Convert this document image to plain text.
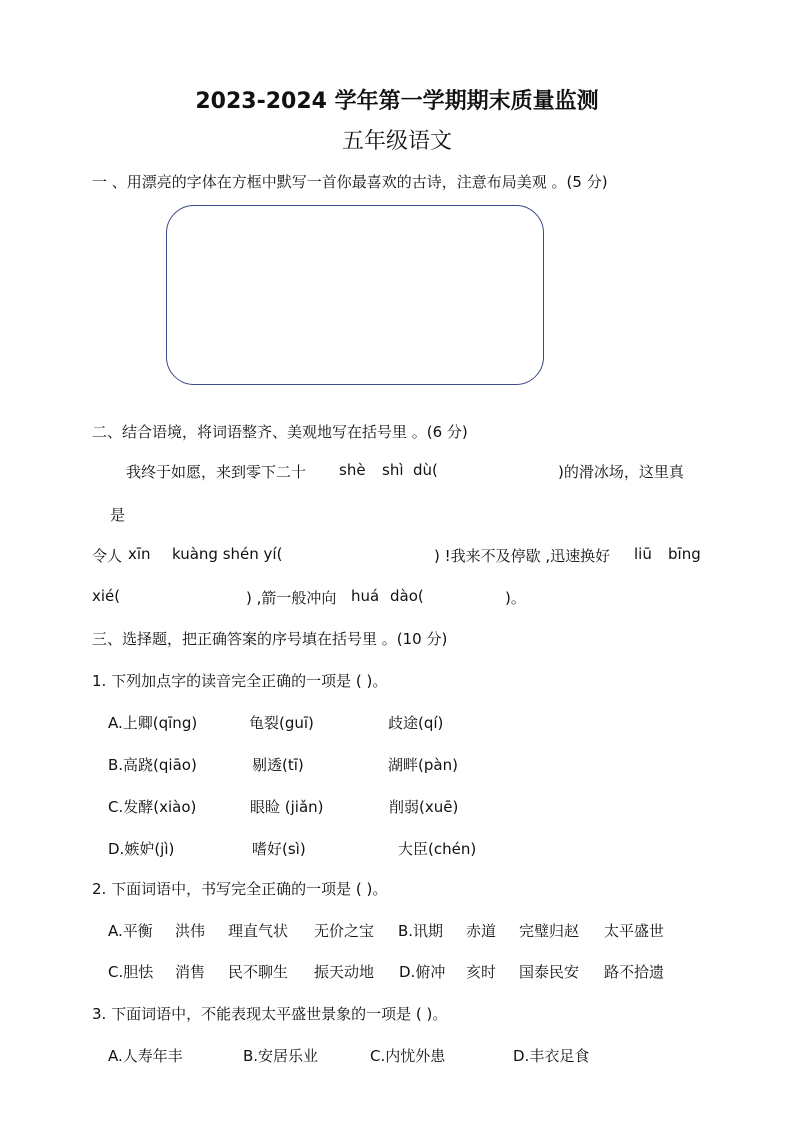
2023-2024 学年第一学期期末质量监测
五年级语文
一 、用漂亮的字体在方框中默写一首你最喜欢的古诗，注意布局美观 。(5 分)
二、结合语境，将词语整齐、美观地写在括号里 。(6 分)
我终于如愿，来到零下二十 shè shì dù(	)的滑冰场，这里真
是
令人 xīn kuàng shén yí(	) !我来不及停歇 ,迅速换好 liū bīng
xié(	) ,箭一般冲向 huá dào(	)。
三、选择题，把正确答案的序号填在括号里 。(10 分)
1. 下列加点字的读音完全正确的一项是 ( )。
A.上卿(qīng)	龟裂(guī)	歧途(qí)
B.高跷(qiāo)	剔透(tī)	湖畔(pàn)
C.发酵(xiào)	眼睑 (jiǎn)	削弱(xuē)
D.嫉妒(jì)	嗜好(sì)	大臣(chén)
2. 下面词语中，书写完全正确的一项是 ( )。
A.平衡 洪伟 理直气状 无价之宝 B.讯期 赤道 完璧归赵 太平盛世
C.胆怯 消售 民不聊生 振天动地 D.俯冲 亥时 国泰民安 路不拾遗
3. 下面词语中，不能表现太平盛世景象的一项是 ( )。
A.人寿年丰	B.安居乐业	C.内忧外患	D.丰衣足食
